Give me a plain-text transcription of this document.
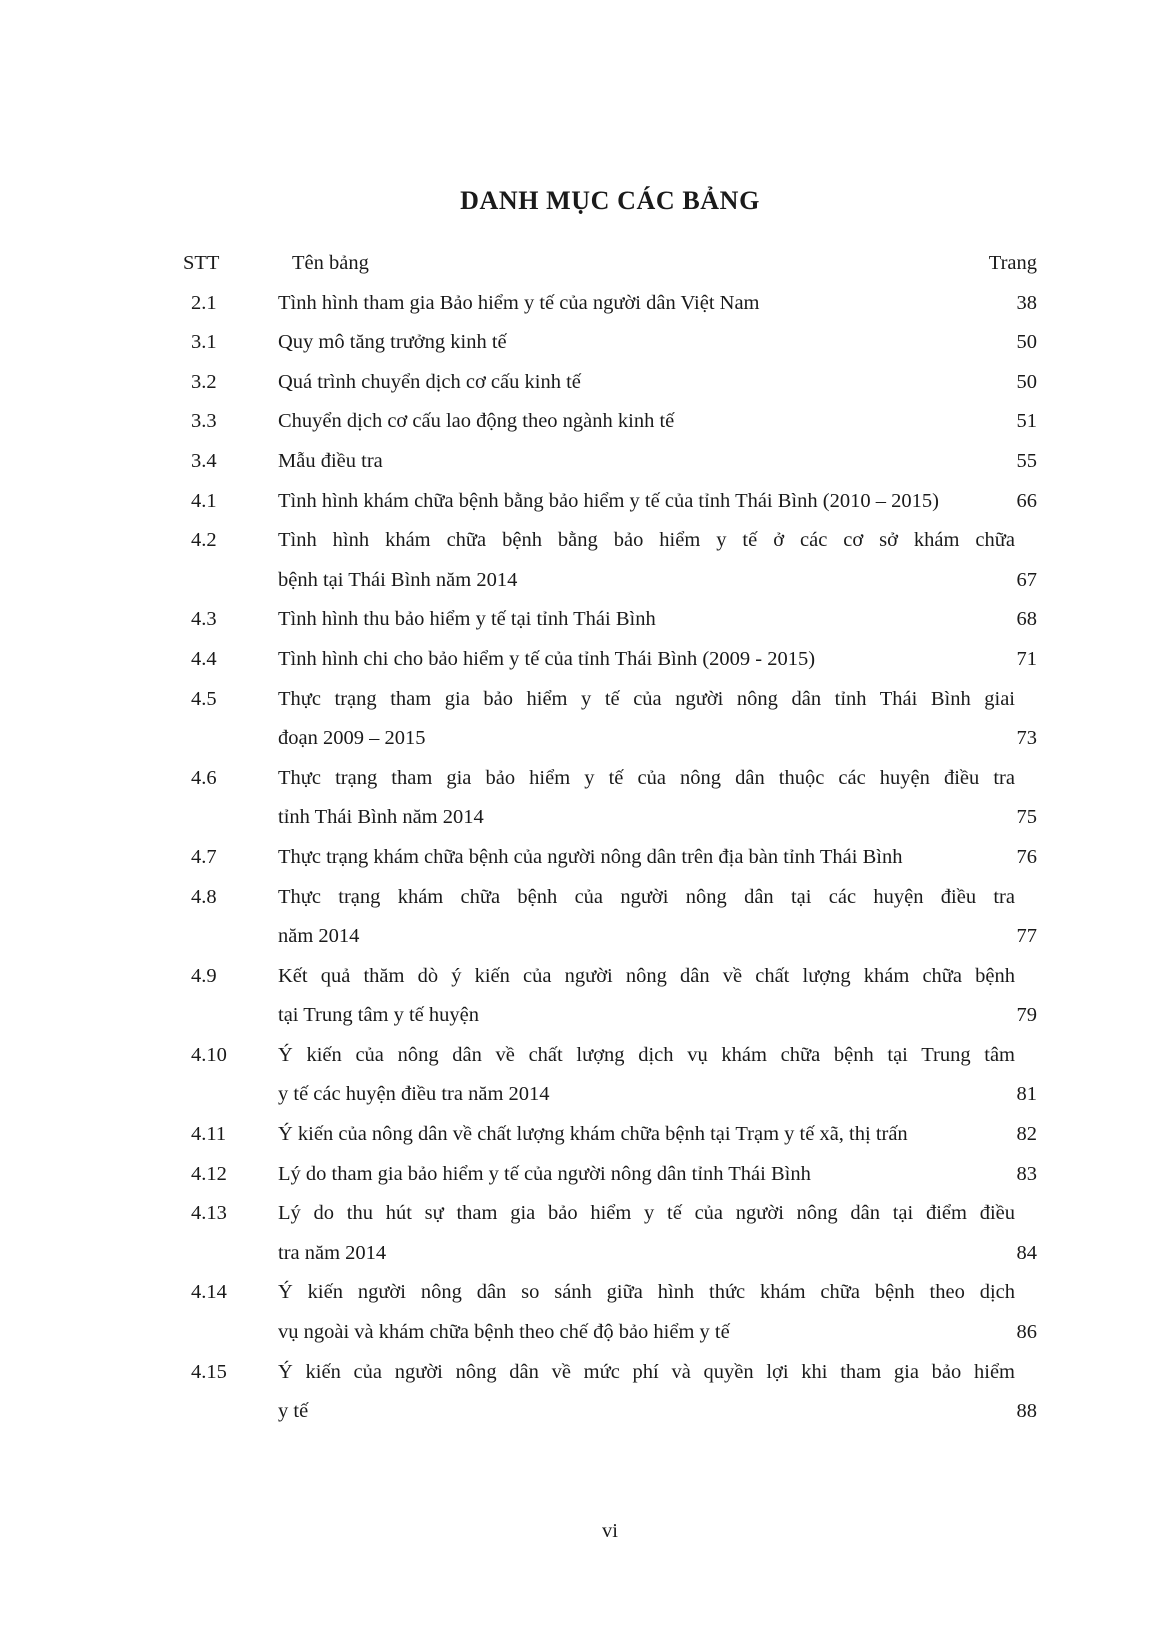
DANH MỤC CÁC BẢNG
STT	Tên bảng	Trang
2.1	Tình hình tham gia Bảo hiểm y tế của người dân Việt Nam	38
3.1	Quy mô tăng trưởng kinh tế	50
3.2	Quá trình chuyển dịch cơ cấu kinh tế	50
3.3	Chuyển dịch cơ cấu lao động theo ngành kinh tế	51
3.4	Mẫu điều tra	55
4.1	Tình hình khám chữa bệnh bằng bảo hiểm y tế của tỉnh Thái Bình (2010 – 2015)	66
4.2	Tình hình khám chữa bệnh bằng bảo hiểm y tế ở các cơ sở khám chữa
bệnh tại Thái Bình năm 2014	67
4.3	Tình hình thu bảo hiểm y tế tại tỉnh Thái Bình	68
4.4	Tình hình chi cho bảo hiểm y tế của tỉnh Thái Bình (2009 - 2015)	71
4.5	Thực trạng tham gia bảo hiểm y tế của người nông dân tỉnh Thái Bình giai
đoạn 2009 – 2015	73
4.6	Thực trạng tham gia bảo hiểm y tế của nông dân thuộc các huyện điều tra
tỉnh Thái Bình năm 2014	75
4.7	Thực trạng khám chữa bệnh của người nông dân trên địa bàn tỉnh Thái Bình	76
4.8	Thực trạng khám chữa bệnh của người nông dân tại các huyện điều tra
năm 2014	77
4.9	Kết quả thăm dò ý kiến của người nông dân về chất lượng khám chữa bệnh
tại Trung tâm y tế huyện	79
4.10	Ý kiến của nông dân về chất lượng dịch vụ khám chữa bệnh tại Trung tâm
y tế các huyện điều tra năm 2014	81
4.11	Ý kiến của nông dân về chất lượng khám chữa bệnh tại Trạm y tế xã, thị trấn	82
4.12	Lý do tham gia bảo hiểm y tế của người nông dân tỉnh Thái Bình	83
4.13	Lý do thu hút sự tham gia bảo hiểm y tế của người nông dân tại điểm điều
tra năm 2014	84
4.14	Ý kiến người nông dân so sánh giữa hình thức khám chữa bệnh theo dịch
vụ ngoài và khám chữa bệnh theo chế độ bảo hiểm y tế	86
4.15	Ý kiến của người nông dân về mức phí và quyền lợi khi tham gia bảo hiểm
y tế	88
vi
